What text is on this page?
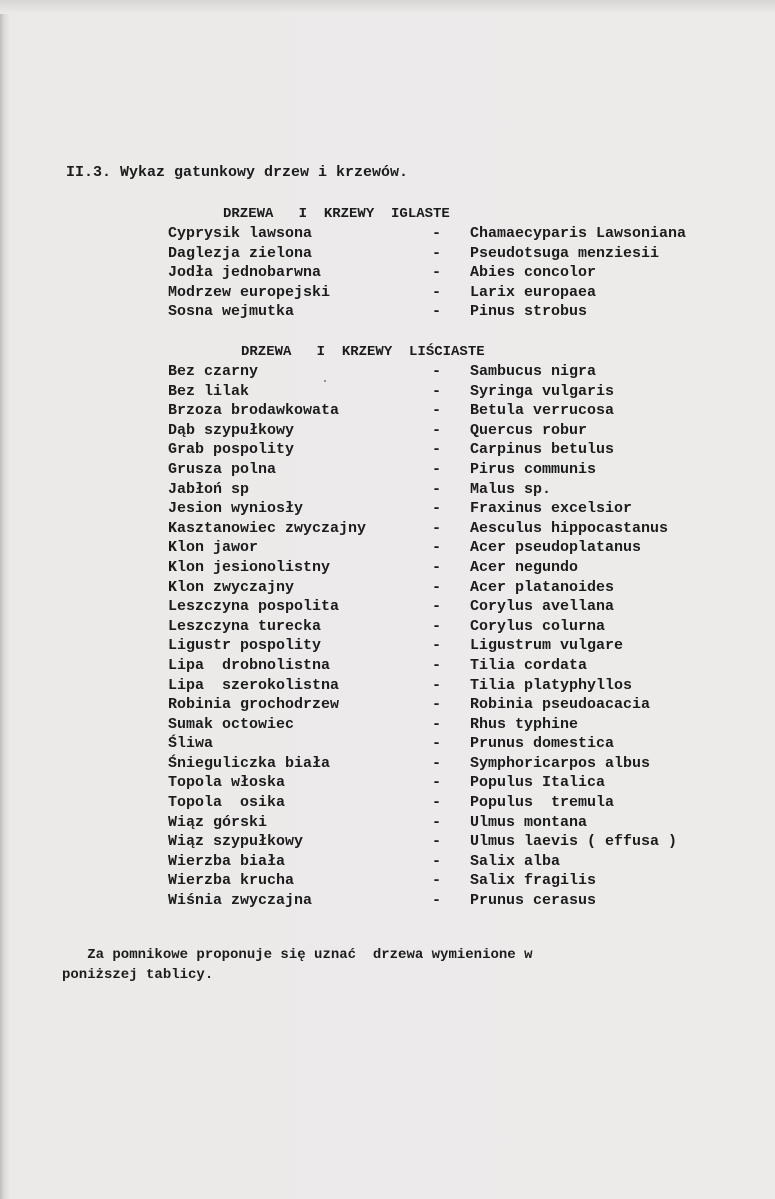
II.3. Wykaz gatunkowy drzew i krzewów.
DRZEWA   I  KRZEWY  IGLASTE
Cyprysik lawsona	- Chamaecyparis Lawsoniana
Daglezja zielona	- Pseudotsuga menziesii
Jodła jednobarwna	- Abies concolor
Modrzew europejski	- Larix europaea
Sosna wejmutka	- Pinus strobus
DRZEWA   I  KRZEWY  LIŚCIASTE
Bez czarny	- Sambucus nigra
Bez lilak	- Syringa vulgaris
Brzoza brodawkowata	- Betula verrucosa
Dąb szypułkowy	- Quercus robur
Grab pospolity	- Carpinus betulus
Grusza polna	- Pirus communis
Jabłoń sp	- Malus sp.
Jesion wyniosły	- Fraxinus excelsior
Kasztanowiec zwyczajny	- Aesculus hippocastanus
Klon jawor	- Acer pseudoplatanus
Klon jesionolistny	- Acer negundo
Klon zwyczajny	- Acer platanoides
Leszczyna pospolita	- Corylus avellana
Leszczyna turecka	- Corylus colurna
Ligustr pospolity	- Ligustrum vulgare
Lipa  drobnolistna	- Tilia cordata
Lipa  szerokolistna	- Tilia platyphyllos
Robinia grochodrzew	- Robinia pseudoacacia
Sumak octowiec	- Rhus typhine
Śliwa	- Prunus domestica
Śnieguliczka biała	- Symphoricarpos albus
Topola włoska	- Populus Italica
Topola  osika	- Populus  tremula
Wiąz górski	- Ulmus montana
Wiąz szypułkowy	- Ulmus laevis ( effusa )
Wierzba biała	- Salix alba
Wierzba krucha	- Salix fragilis
Wiśnia zwyczajna	- Prunus cerasus
Za pomnikowe proponuje się uznać  drzewa wymienione w
poniższej tablicy.
